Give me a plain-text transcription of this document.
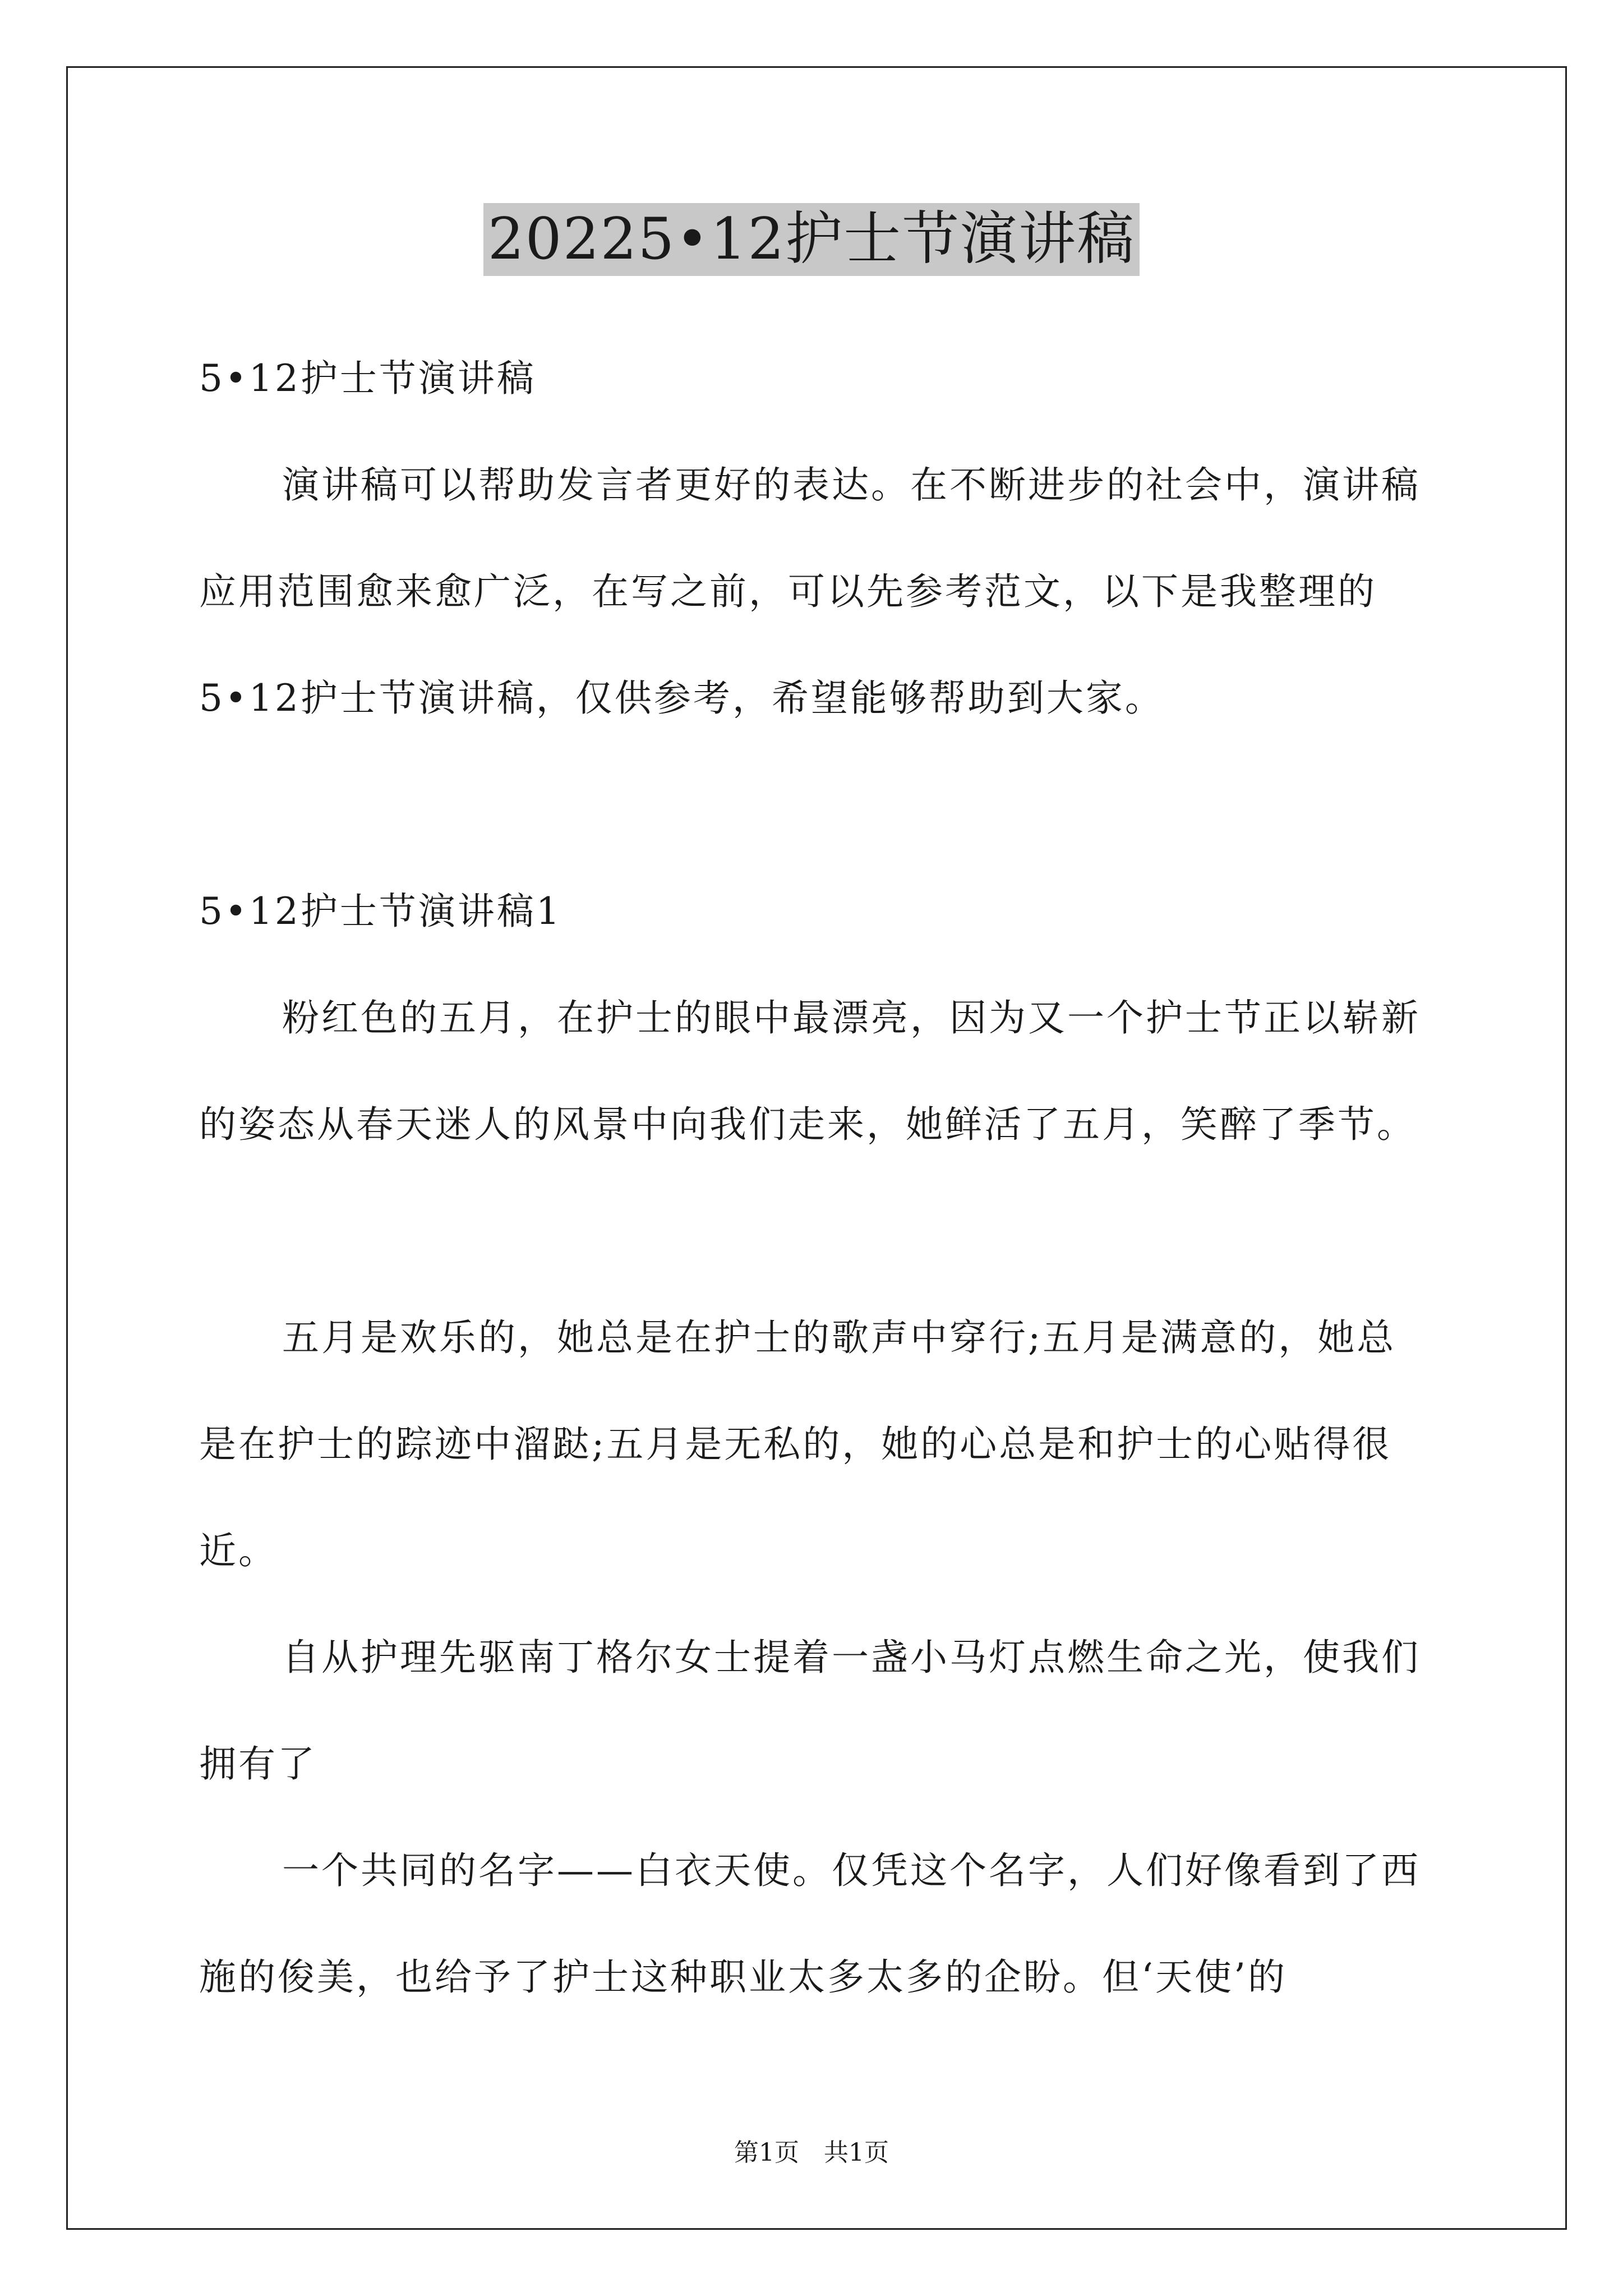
20225•12护士节演讲稿

5•12护士节演讲稿

演讲稿可以帮助发言者更好的表达。在不断进步的社会中，演讲稿应用范围愈来愈广泛，在写之前，可以先参考范文，以下是我整理的5•12护士节演讲稿，仅供参考，希望能够帮助到大家。

5•12护士节演讲稿1

粉红色的五月，在护士的眼中最漂亮，因为又一个护士节正以崭新的姿态从春天迷人的风景中向我们走来，她鲜活了五月，笑醉了季节。

五月是欢乐的，她总是在护士的歌声中穿行;五月是满意的，她总是在护士的踪迹中溜跶;五月是无私的，她的心总是和护士的心贴得很近。

自从护理先驱南丁格尔女士提着一盏小马灯点燃生命之光，使我们拥有了

一个共同的名字——白衣天使。仅凭这个名字，人们好像看到了西施的俊美，也给予了护士这种职业太多太多的企盼。但‘天使’的

第1页　共1页
